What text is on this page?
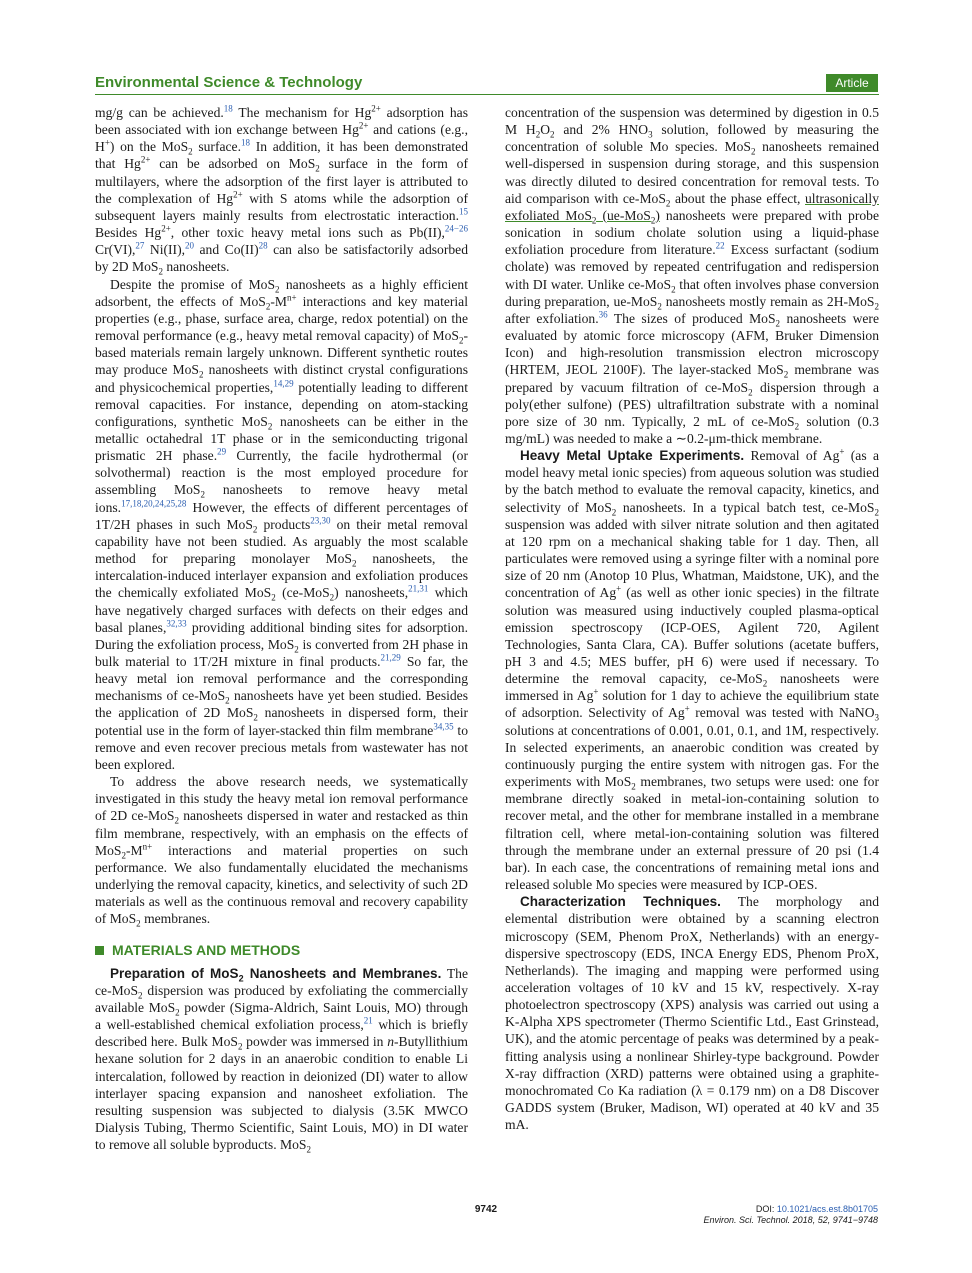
Environmental Science & Technology	Article

mg/g can be achieved.$^{18}$ The mechanism for $Hg^{2+}$ adsorption has been associated with ion exchange between $Hg^{2+}$ and cations (e.g., H+) on the MoS$_2$ surface.$^{18}$ In addition, it has been demonstrated that $Hg^{2+}$ can be adsorbed on MoS$_2$ surface in the form of multilayers, where the adsorption of the first layer is attributed to the complexation of $Hg^{2+}$ with S atoms while the adsorption of subsequent layers mainly results from electrostatic interaction.$^{15}$ Besides $Hg^{2+}$, other toxic heavy metal ions such as Pb(II),$^{24-26}$ Cr(VI),$^{27}$ Ni(II),$^{20}$ and Co(II)$^{28}$ can also be satisfactorily adsorbed by 2D MoS$_2$ nanosheets.

Despite the promise of MoS$_2$ nanosheets as a highly efficient adsorbent, the effects of $MoS_2-M^{n+}$ interactions and key material properties (e.g., phase, surface area, charge, redox potential) on the removal performance (e.g., heavy metal removal capacity) of MoS$_2$-based materials remain largely unknown. Different synthetic routes may produce MoS$_2$ nanosheets with distinct crystal configurations and physicochemical properties,$^{14,29}$ potentially leading to different removal capacities. For instance, depending on atom-stacking configurations, synthetic MoS$_2$ nanosheets can be either in the metallic octahedral 1T phase or in the semiconducting trigonal prismatic 2H phase.$^{29}$ Currently, the facile hydrothermal (or solvothermal) reaction is the most employed procedure for assembling MoS$_2$ nanosheets to remove heavy metal ions.$^{17,18,20,24,25,28}$ However, the effects of different percentages of 1T/2H phases in such MoS$_2$ products$^{23,30}$ on their metal removal capability have not been studied. As arguably the most scalable method for preparing monolayer MoS$_2$ nanosheets, the intercalation-induced interlayer expansion and exfoliation produces the chemically exfoliated MoS$_2$ (ce-MoS$_2$) nanosheets,$^{21,31}$ which have negatively charged surfaces with defects on their edges and basal planes,$^{32,33}$ providing additional binding sites for adsorption. During the exfoliation process, MoS$_2$ is converted from 2H phase in bulk material to 1T/2H mixture in final products.$^{21,29}$ So far, the heavy metal ion removal performance and the corresponding mechanisms of ce-MoS$_2$ nanosheets have yet been studied. Besides the application of 2D MoS$_2$ nanosheets in dispersed form, their potential use in the form of layer-stacked thin film membrane$^{34,35}$ to remove and even recover precious metals from wastewater has not been explored.

To address the above research needs, we systematically investigated in this study the heavy metal ion removal performance of 2D ce-MoS$_2$ nanosheets dispersed in water and restacked as thin film membrane, respectively, with an emphasis on the effects of $MoS_2-M^{n+}$ interactions and material properties on such performance. We also fundamentally elucidated the mechanisms underlying the removal capacity, kinetics, and selectivity of such 2D materials as well as the continuous removal and recovery capability of MoS$_2$ membranes.

MATERIALS AND METHODS

Preparation of MoS$_2$ Nanosheets and Membranes. The ce-MoS$_2$ dispersion was produced by exfoliating the commercially available MoS$_2$ powder (Sigma-Aldrich, Saint Louis, MO) through a well-established chemical exfoliation process,$^{21}$ which is briefly described here. Bulk MoS$_2$ powder was immersed in n-Butyllithium hexane solution for 2 days in an anaerobic condition to enable Li intercalation, followed by reaction in deionized (DI) water to allow interlayer spacing expansion and nanosheet exfoliation. The resulting suspension was subjected to dialysis (3.5K MWCO Dialysis Tubing, Thermo Scientific, Saint Louis, MO) in DI water to remove all soluble byproducts. MoS$_2$

concentration of the suspension was determined by digestion in 0.5 M $H_2O_2$ and 2% $HNO_3$ solution, followed by measuring the concentration of soluble Mo species. MoS$_2$ nanosheets remained well-dispersed in suspension during storage, and this suspension was directly diluted to desired concentration for removal tests. To aid comparison with ce-MoS$_2$ about the phase effect, ultrasonically exfoliated MoS$_2$ (ue-MoS$_2$) nanosheets were prepared with probe sonication in sodium cholate solution using a liquid-phase exfoliation procedure from literature.$^{22}$ Excess surfactant (sodium cholate) was removed by repeated centrifugation and redispersion with DI water. Unlike ce-MoS$_2$ that often involves phase conversion during preparation, ue-MoS$_2$ nanosheets mostly remain as 2H-MoS$_2$ after exfoliation.$^{36}$ The sizes of produced MoS$_2$ nanosheets were evaluated by atomic force microscopy (AFM, Bruker Dimension Icon) and high-resolution transmission electron microscopy (HRTEM, JEOL 2100F). The layer-stacked MoS$_2$ membrane was prepared by vacuum filtration of ce-MoS$_2$ dispersion through a poly(ether sulfone) (PES) ultrafiltration substrate with a nominal pore size of 30 nm. Typically, 2 mL of ce-MoS$_2$ solution (0.3 mg/mL) was needed to make a ∼0.2-μm-thick membrane.

Heavy Metal Uptake Experiments. Removal of Ag+ (as a model heavy metal ionic species) from aqueous solution was studied by the batch method to evaluate the removal capacity, kinetics, and selectivity of MoS$_2$ nanosheets. In a typical batch test, ce-MoS$_2$ suspension was added with silver nitrate solution and then agitated at 120 rpm on a mechanical shaking table for 1 day. Then, all particulates were removed using a syringe filter with a nominal pore size of 20 nm (Anotop 10 Plus, Whatman, Maidstone, UK), and the concentration of Ag+ (as well as other ionic species) in the filtrate solution was measured using inductively coupled plasma-optical emission spectroscopy (ICP-OES, Agilent 720, Agilent Technologies, Santa Clara, CA). Buffer solutions (acetate buffers, pH 3 and 4.5; MES buffer, pH 6) were used if necessary. To determine the removal capacity, ce-MoS$_2$ nanosheets were immersed in Ag+ solution for 1 day to achieve the equilibrium state of adsorption. Selectivity of Ag+ removal was tested with NaNO$_3$ solutions at concentrations of 0.001, 0.01, 0.1, and 1M, respectively. In selected experiments, an anaerobic condition was created by continuously purging the entire system with nitrogen gas. For the experiments with MoS$_2$ membranes, two setups were used: one for membrane directly soaked in metal-ion-containing solution to recover metal, and the other for membrane installed in a membrane filtration cell, where metal-ion-containing solution was filtered through the membrane under an external pressure of 20 psi (1.4 bar). In each case, the concentrations of remaining metal ions and released soluble Mo species were measured by ICP-OES.

Characterization Techniques. The morphology and elemental distribution were obtained by a scanning electron microscopy (SEM, Phenom ProX, Netherlands) with an energy-dispersive spectroscopy (EDS, INCA Energy EDS, Phenom ProX, Netherlands). The imaging and mapping were performed using acceleration voltages of 10 kV and 15 kV, respectively. X-ray photoelectron spectroscopy (XPS) analysis was carried out using a K-Alpha XPS spectrometer (Thermo Scientific Ltd., East Grinstead, UK), and the atomic percentage of peaks was determined by a peak-fitting analysis using a nonlinear Shirley-type background. Powder X-ray diffraction (XRD) patterns were obtained using a graphite-monochromated Co Ka radiation (λ = 0.179 nm) on a D8 Discover GADDS system (Bruker, Madison, WI) operated at 40 kV and 35 mA.

9742	DOI: 10.1021/acs.est.8b01705
Environ. Sci. Technol. 2018, 52, 9741−9748
